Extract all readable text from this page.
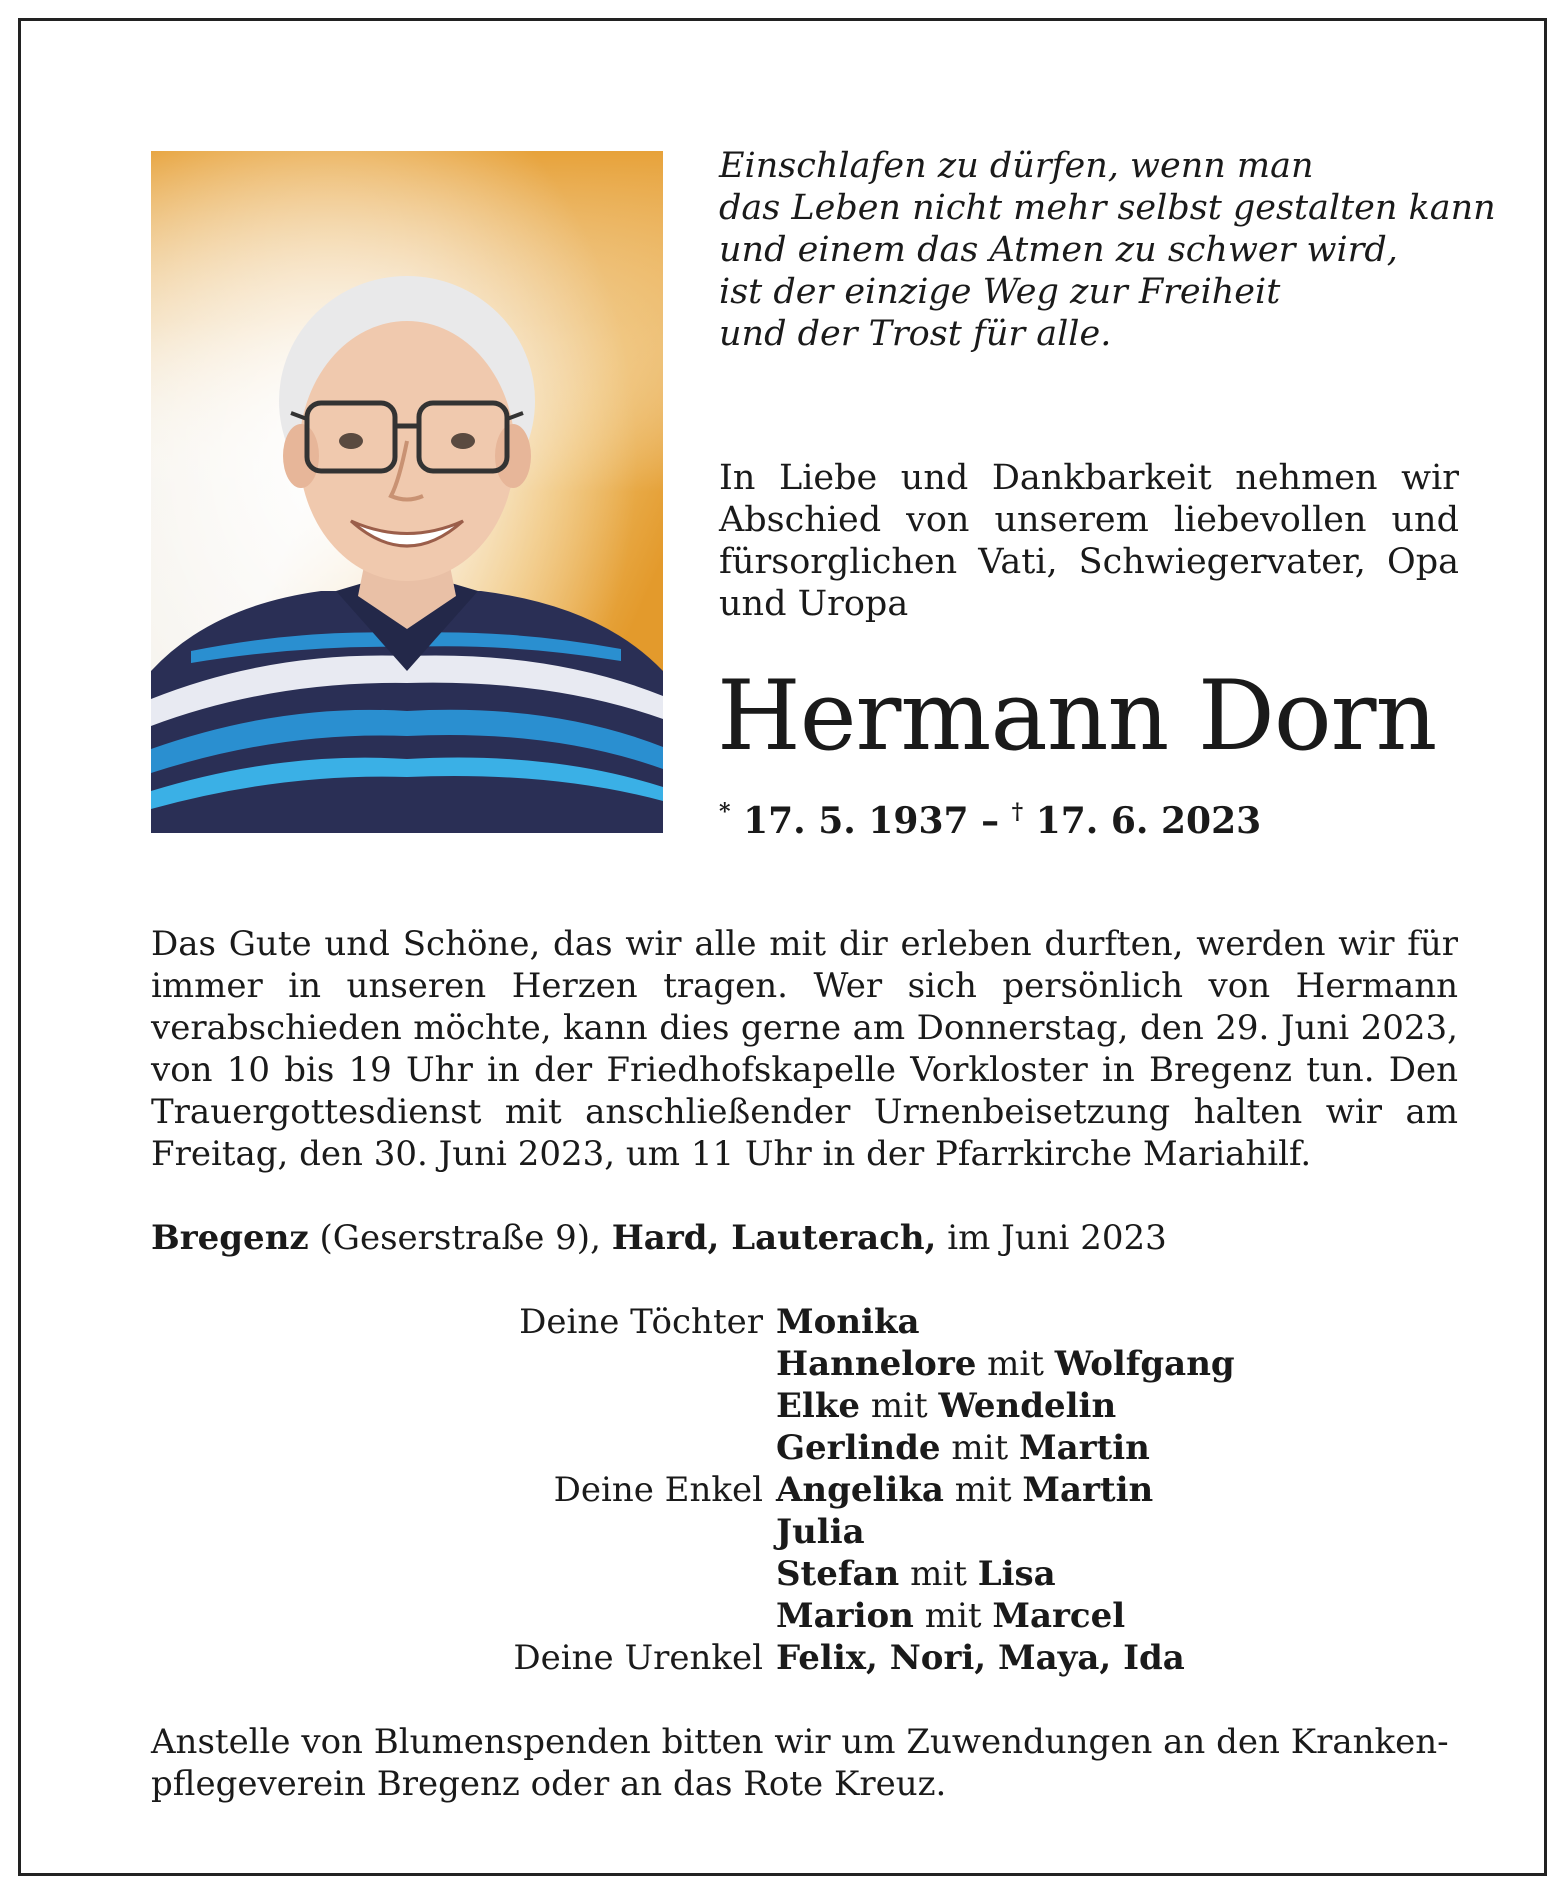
Einschlafen zu dürfen, wenn man
das Leben nicht mehr selbst gestalten kann
und einem das Atmen zu schwer wird,
ist der einzige Weg zur Freiheit
und der Trost für alle.

In Liebe und Dankbarkeit nehmen wir Abschied von unserem liebevollen und fürsorglichen Vati, Schwiegervater, Opa und Uropa

Hermann Dorn
* 17. 5. 1937 – † 17. 6. 2023

Das Gute und Schöne, das wir alle mit dir erleben durften, werden wir für immer in unseren Herzen tragen. Wer sich persönlich von Hermann verabschieden möchte, kann dies gerne am Donnerstag, den 29. Juni 2023, von 10 bis 19 Uhr in der Friedhofskapelle Vorkloster in Bregenz tun. Den Trauergottesdienst mit anschließender Urnenbeisetzung halten wir am Freitag, den 30. Juni 2023, um 11 Uhr in der Pfarrkirche Mariahilf.

Bregenz (Geserstraße 9), Hard, Lauterach, im Juni 2023
Deine Töchter Monika
Hannelore mit Wolfgang
Elke mit Wendelin
Gerlinde mit Martin
Deine Enkel Angelika mit Martin
Julia
Stefan mit Lisa
Marion mit Marcel
Deine Urenkel Felix, Nori, Maya, Ida

Anstelle von Blumenspenden bitten wir um Zuwendungen an den Kranken-
pflegeverein Bregenz oder an das Rote Kreuz.
